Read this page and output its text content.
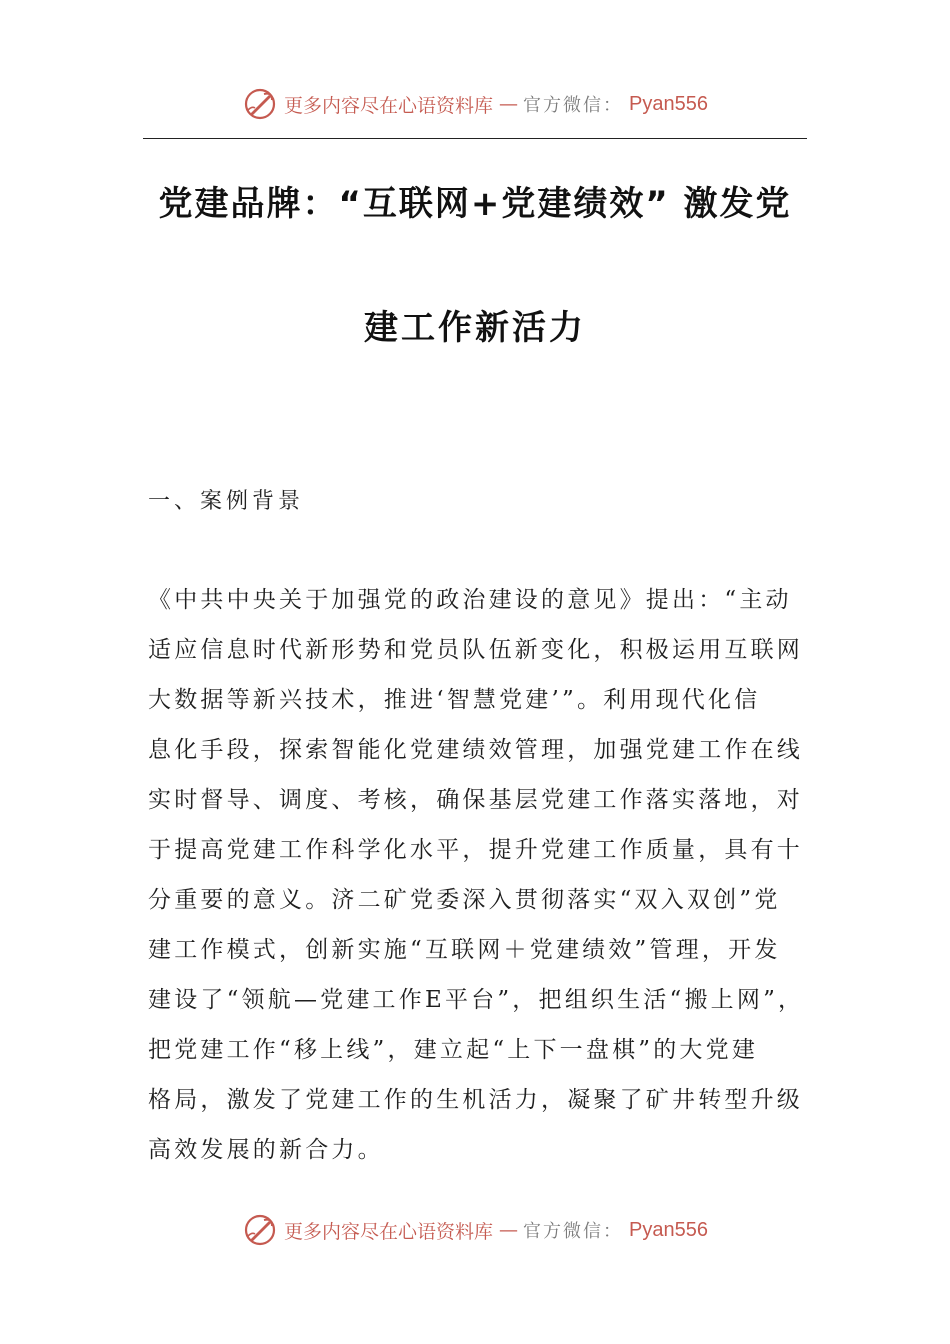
更多内容尽在心语资料库 — 官方微信： Pyan556
党建品牌：“互联网+党建绩效” 激发党
建工作新活力
一、案例背景
《中共中央关于加强党的政治建设的意见》提出：“主动
适应信息时代新形势和党员队伍新变化，积极运用互联网
大数据等新兴技术，推进‘智慧党建’”。利用现代化信
息化手段，探索智能化党建绩效管理，加强党建工作在线
实时督导、调度、考核，确保基层党建工作落实落地，对
于提高党建工作科学化水平，提升党建工作质量，具有十
分重要的意义。济二矿党委深入贯彻落实“双入双创”党
建工作模式，创新实施“互联网＋党建绩效”管理，开发
建设了“领航—党建工作E平台”，把组织生活“搬上网”，
把党建工作“移上线”，建立起“上下一盘棋”的大党建
格局，激发了党建工作的生机活力，凝聚了矿井转型升级
高效发展的新合力。
更多内容尽在心语资料库 — 官方微信： Pyan556
